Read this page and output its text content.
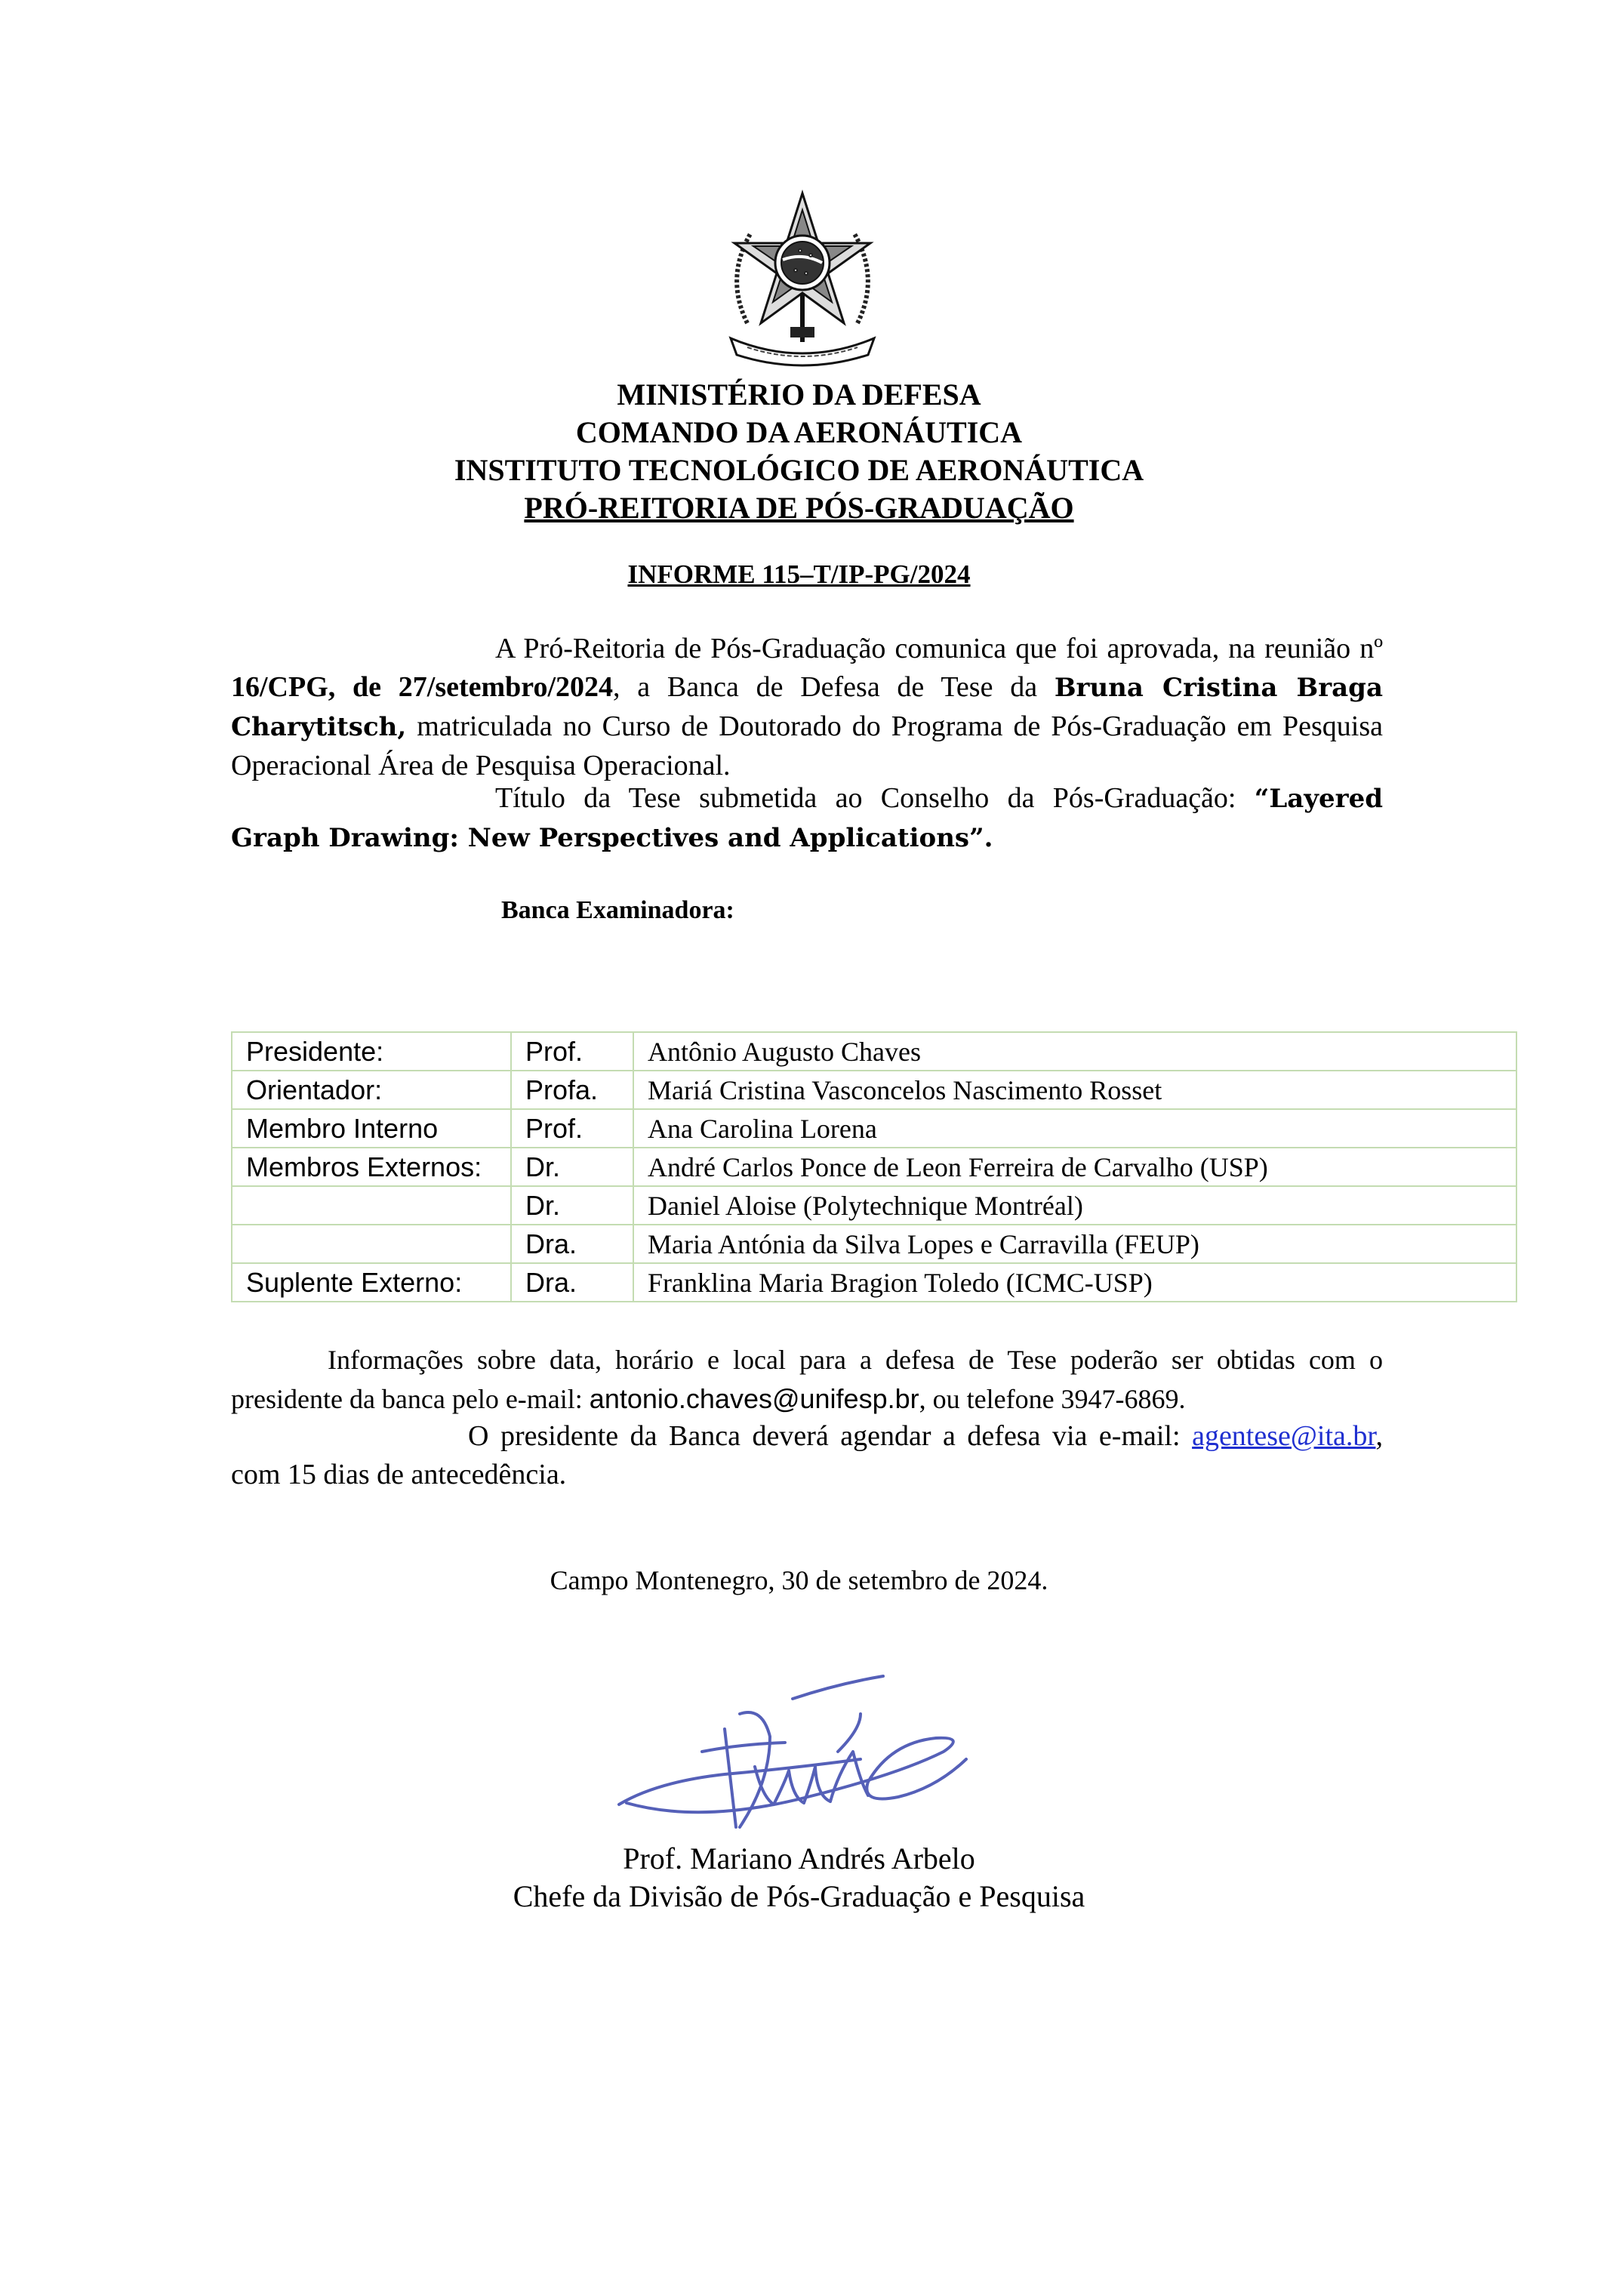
MINISTÉRIO DA DEFESA
COMANDO DA AERONÁUTICA
INSTITUTO TECNOLÓGICO DE AERONÁUTICA
PRÓ-REITORIA DE PÓS-GRADUAÇÃO
INFORME 115–T/IP-PG/2024
A Pró-Reitoria de Pós-Graduação comunica que foi aprovada, na reunião nº 16/CPG, de 27/setembro/2024, a Banca de Defesa de Tese da Bruna Cristina Braga Charytitsch, matriculada no Curso de Doutorado do Programa de Pós-Graduação em Pesquisa Operacional Área de Pesquisa Operacional.
Título da Tese submetida ao Conselho da Pós-Graduação: “Layered Graph Drawing: New Perspectives and Applications”.
Banca Examinadora:
Presidente:	Prof.	Antônio Augusto Chaves
Orientador:	Profa.	Mariá Cristina Vasconcelos Nascimento Rosset
Membro Interno	Prof.	Ana Carolina Lorena
Membros Externos:	Dr.	André Carlos Ponce de Leon Ferreira de Carvalho (USP)
	Dr.	Daniel Aloise (Polytechnique Montréal)
	Dra.	Maria Antónia da Silva Lopes e Carravilla (FEUP)
Suplente Externo:	Dra.	Franklina Maria Bragion Toledo (ICMC-USP)
Informações sobre data, horário e local para a defesa de Tese poderão ser obtidas com o presidente da banca pelo e-mail: antonio.chaves@unifesp.br, ou telefone 3947-6869.
O presidente da Banca deverá agendar a defesa via e-mail: agentese@ita.br, com 15 dias de antecedência.
Campo Montenegro, 30 de setembro de 2024.
Prof. Mariano Andrés Arbelo
Chefe da Divisão de Pós-Graduação e Pesquisa
